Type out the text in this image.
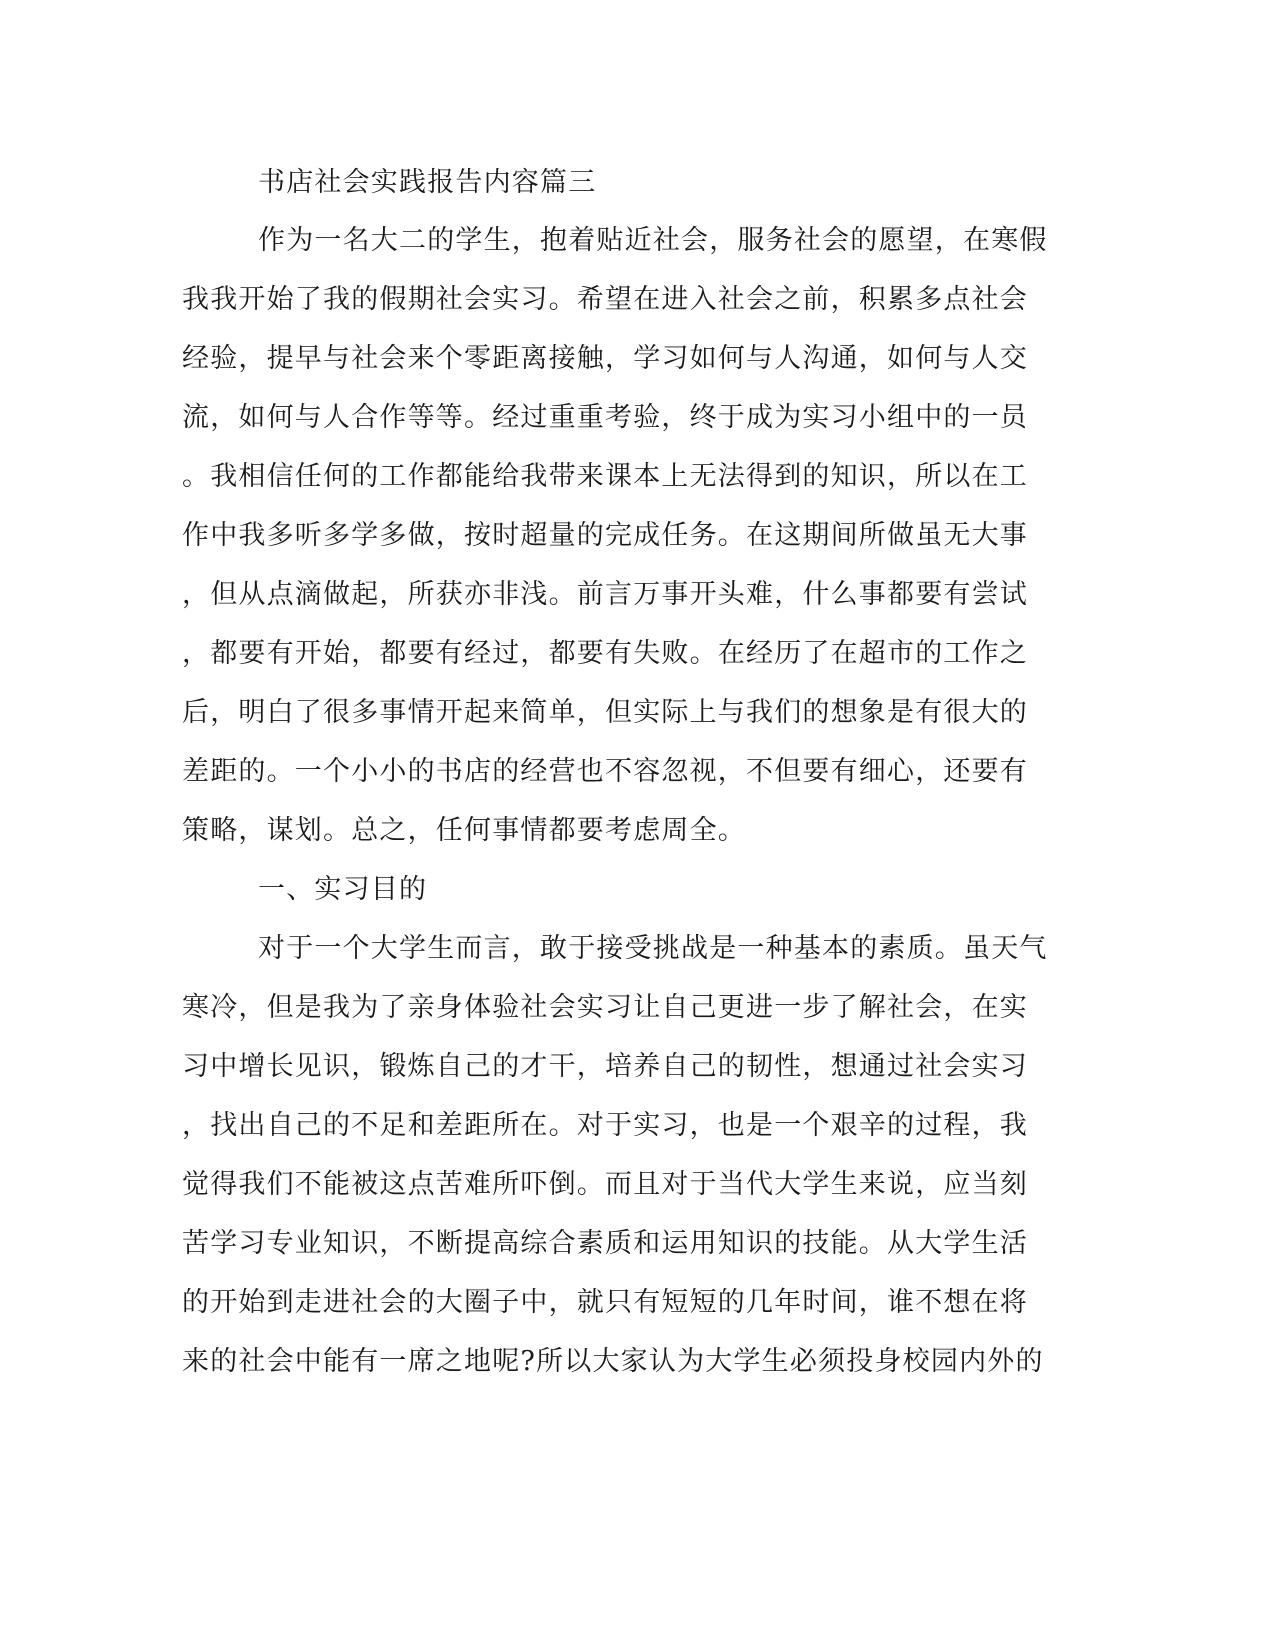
书店社会实践报告内容篇三
作为一名大二的学生，抱着贴近社会，服务社会的愿望，在寒假
我我开始了我的假期社会实习。希望在进入社会之前，积累多点社会
经验，提早与社会来个零距离接触，学习如何与人沟通，如何与人交
流，如何与人合作等等。经过重重考验，终于成为实习小组中的一员
。我相信任何的工作都能给我带来课本上无法得到的知识，所以在工
作中我多听多学多做，按时超量的完成任务。在这期间所做虽无大事
，但从点滴做起，所获亦非浅。前言万事开头难，什么事都要有尝试
，都要有开始，都要有经过，都要有失败。在经历了在超市的工作之
后，明白了很多事情开起来简单，但实际上与我们的想象是有很大的
差距的。一个小小的书店的经营也不容忽视，不但要有细心，还要有
策略，谋划。总之，任何事情都要考虑周全。
一、实习目的
对于一个大学生而言，敢于接受挑战是一种基本的素质。虽天气
寒冷，但是我为了亲身体验社会实习让自己更进一步了解社会，在实
习中增长见识，锻炼自己的才干，培养自己的韧性，想通过社会实习
，找出自己的不足和差距所在。对于实习，也是一个艰辛的过程，我
觉得我们不能被这点苦难所吓倒。而且对于当代大学生来说，应当刻
苦学习专业知识，不断提高综合素质和运用知识的技能。从大学生活
的开始到走进社会的大圈子中，就只有短短的几年时间，谁不想在将
来的社会中能有一席之地呢?所以大家认为大学生必须投身校园内外的
